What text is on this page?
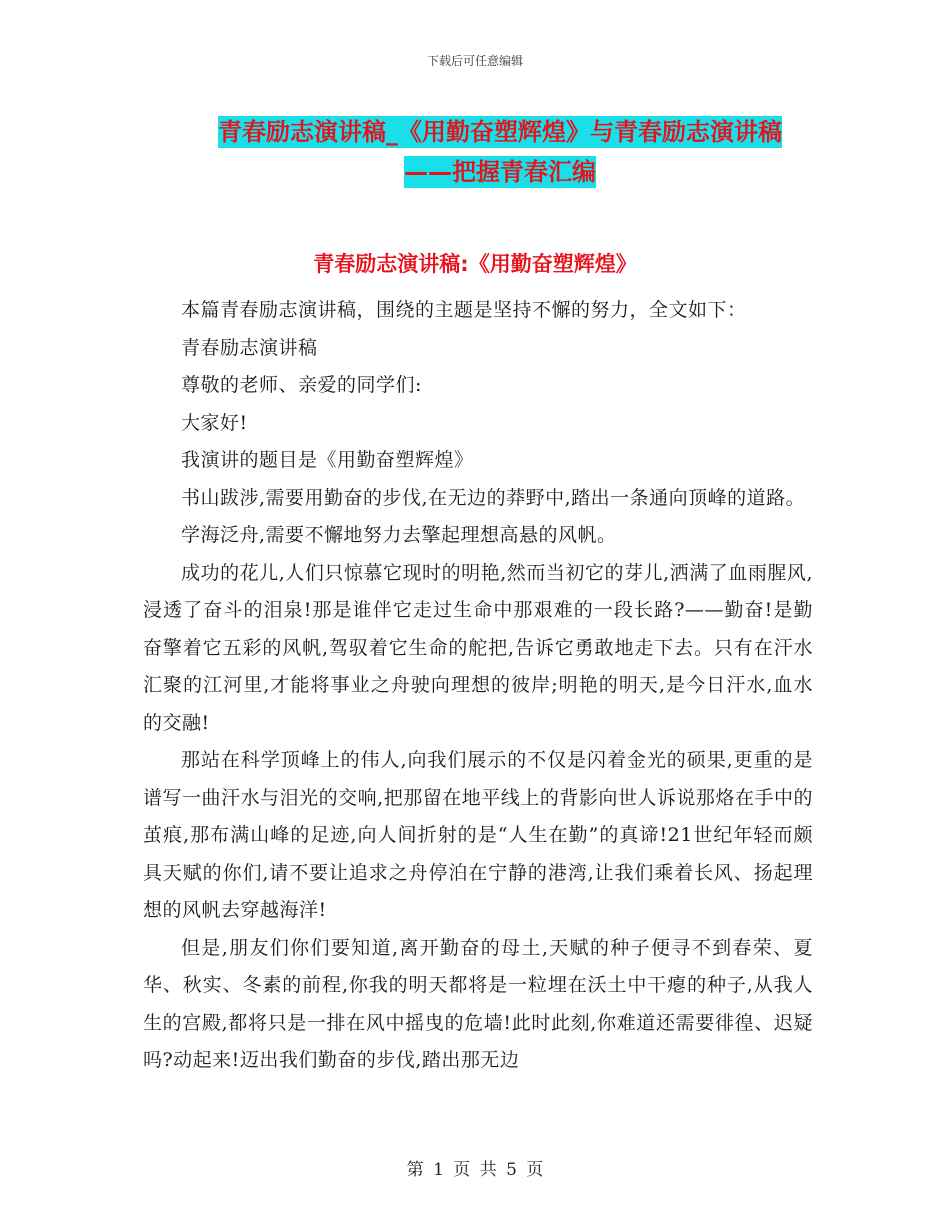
下载后可任意编辑
青春励志演讲稿_《用勤奋塑辉煌》与青春励志演讲稿
——把握青春汇编
青春励志演讲稿:《用勤奋塑辉煌》

本篇青春励志演讲稿，围绕的主题是坚持不懈的努力，全文如下：

青春励志演讲稿

尊敬的老师、亲爱的同学们:

大家好!

我演讲的题目是《用勤奋塑辉煌》

书山跋涉,需要用勤奋的步伐,在无边的莽野中,踏出一条通向顶峰的道路。

学海泛舟,需要不懈地努力去擎起理想高悬的风帆。

成功的花儿,人们只惊慕它现时的明艳,然而当初它的芽儿,洒满了血雨腥风,浸透了奋斗的泪泉!那是谁伴它走过生命中那艰难的一段长路?——勤奋!是勤奋擎着它五彩的风帆,驾驭着它生命的舵把,告诉它勇敢地走下去。只有在汗水汇聚的江河里,才能将事业之舟驶向理想的彼岸;明艳的明天,是今日汗水,血水的交融!

那站在科学顶峰上的伟人,向我们展示的不仅是闪着金光的硕果,更重的是谱写一曲汗水与泪光的交响,把那留在地平线上的背影向世人诉说那烙在手中的茧痕,那布满山峰的足迹,向人间折射的是“人生在勤”的真谛!21世纪年轻而颇具天赋的你们,请不要让追求之舟停泊在宁静的港湾,让我们乘着长风、扬起理想的风帆去穿越海洋!

但是,朋友们你们要知道,离开勤奋的母土,天赋的种子便寻不到春荣、夏华、秋实、冬素的前程,你我的明天都将是一粒埋在沃土中干瘪的种子,从我人生的宫殿,都将只是一排在风中摇曳的危墙!此时此刻,你难道还需要徘徨、迟疑吗?动起来!迈出我们勤奋的步伐,踏出那无边

第 1 页 共 5 页
